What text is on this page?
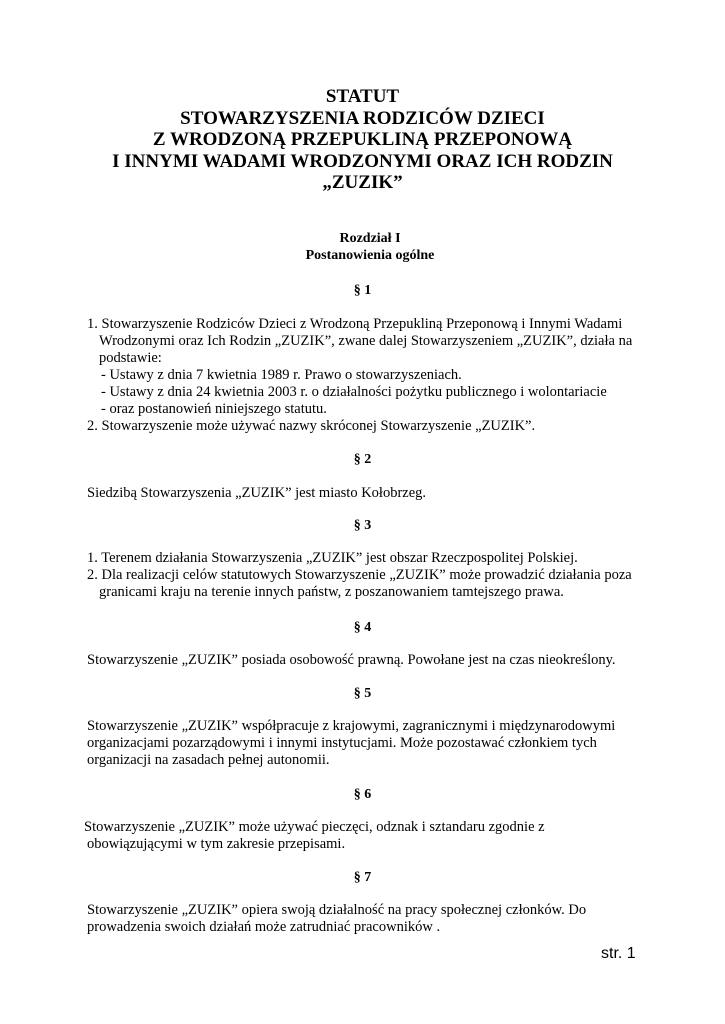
STATUT
STOWARZYSZENIA RODZICÓW DZIECI
Z WRODZONĄ PRZEPUKLINĄ PRZEPONOWĄ
I INNYMI WADAMI WRODZONYMI ORAZ ICH RODZIN
„ZUZIK”
Rozdział I
Postanowienia ogólne
§ 1
1. Stowarzyszenie Rodziców Dzieci z Wrodzoną Przepukliną Przeponową i Innymi Wadami
Wrodzonymi oraz Ich Rodzin „ZUZIK”, zwane dalej Stowarzyszeniem „ZUZIK”, działa na
podstawie:
- Ustawy z dnia 7 kwietnia 1989 r. Prawo o stowarzyszeniach.
- Ustawy z dnia 24 kwietnia 2003 r. o działalności pożytku publicznego i wolontariacie
- oraz postanowień niniejszego statutu.
2. Stowarzyszenie może używać nazwy skróconej Stowarzyszenie „ZUZIK”.
§ 2
Siedzibą Stowarzyszenia „ZUZIK” jest miasto Kołobrzeg.
§ 3
1. Terenem działania Stowarzyszenia „ZUZIK” jest obszar Rzeczpospolitej Polskiej.
2. Dla realizacji celów statutowych Stowarzyszenie „ZUZIK” może prowadzić działania poza
granicami kraju na terenie innych państw, z poszanowaniem tamtejszego prawa.
§ 4
Stowarzyszenie „ZUZIK” posiada osobowość prawną. Powołane jest na czas nieokreślony.
§ 5
Stowarzyszenie „ZUZIK” współpracuje z krajowymi, zagranicznymi i międzynarodowymi
organizacjami pozarządowymi i innymi instytucjami. Może pozostawać członkiem tych
organizacji na zasadach pełnej autonomii.
§ 6
Stowarzyszenie „ZUZIK” może używać pieczęci, odznak i sztandaru zgodnie z
obowiązującymi w tym zakresie przepisami.
§ 7
Stowarzyszenie „ZUZIK” opiera swoją działalność na pracy społecznej członków. Do
prowadzenia swoich działań może zatrudniać pracowników .
str. 1
